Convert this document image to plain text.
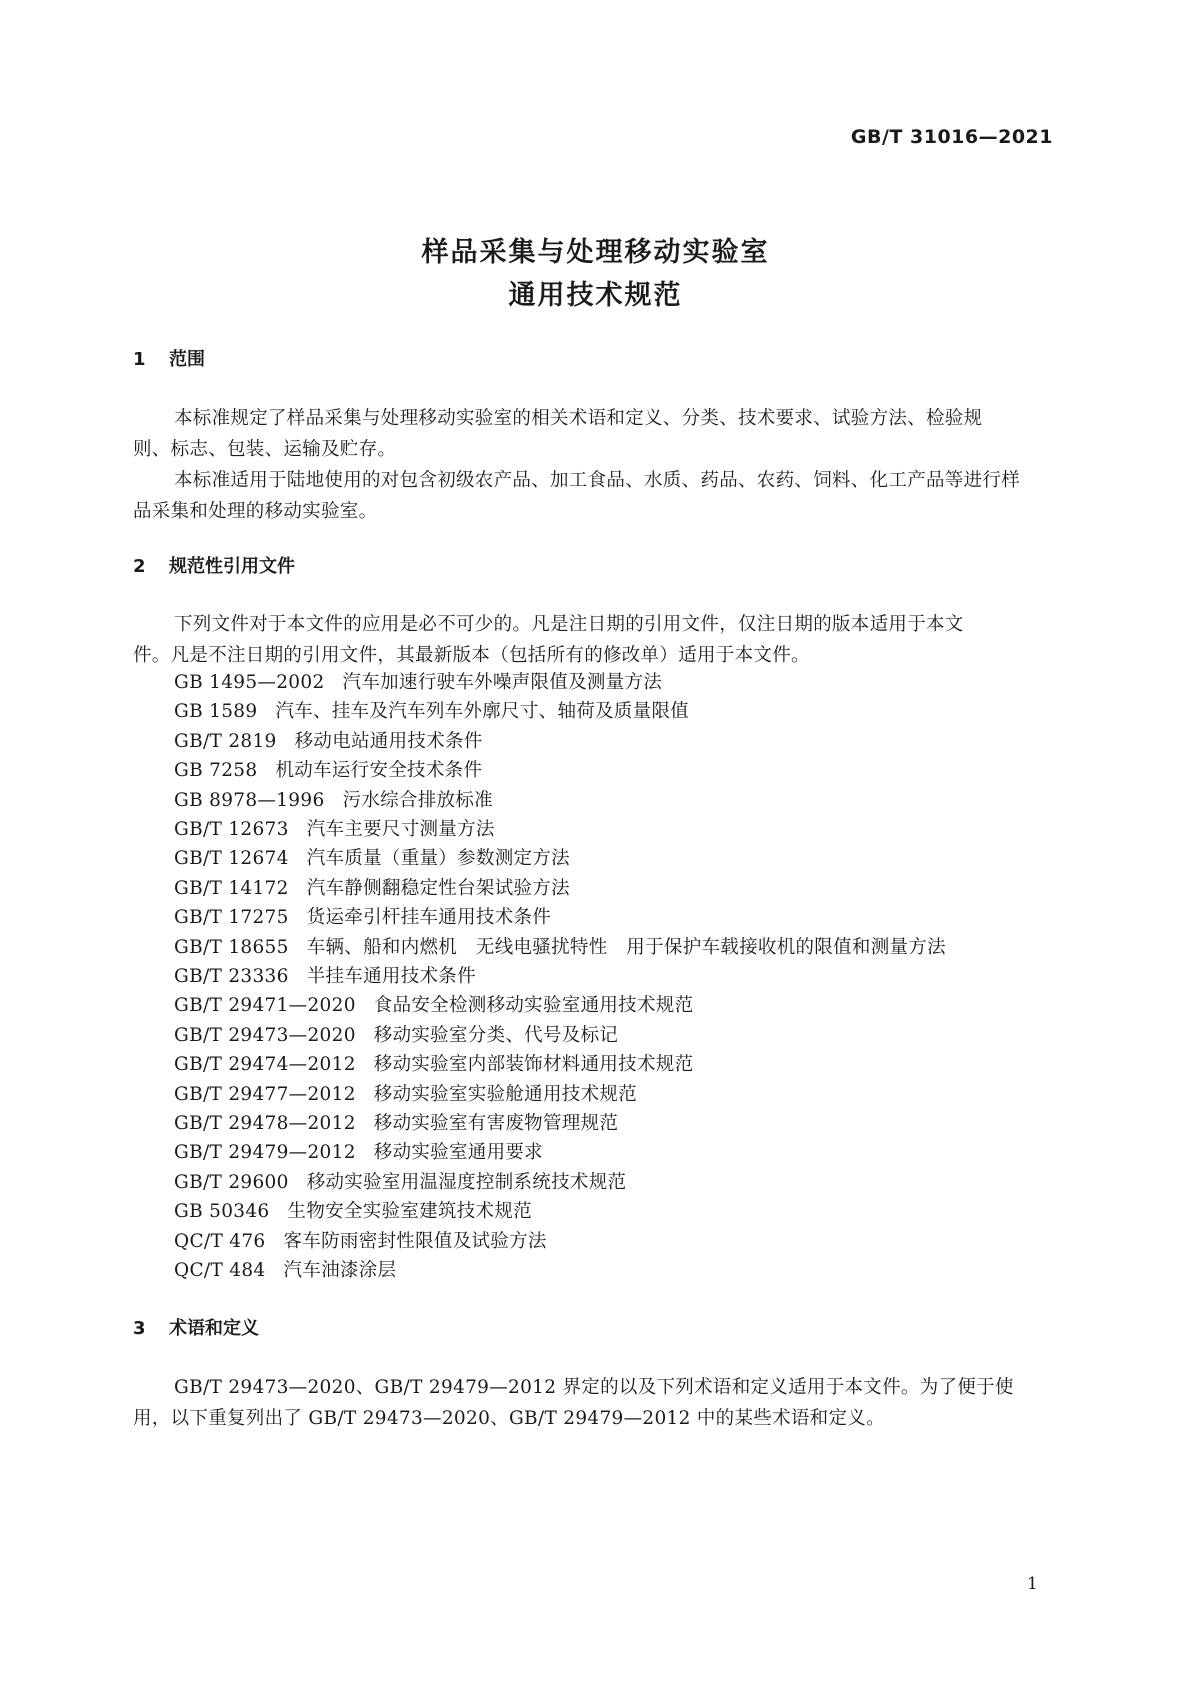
GB/T 31016—2021
样品采集与处理移动实验室
通用技术规范
1 范围
本标准规定了样品采集与处理移动实验室的相关术语和定义、分类、技术要求、试验方法、检验规
则、标志、包装、运输及贮存。
本标准适用于陆地使用的对包含初级农产品、加工食品、水质、药品、农药、饲料、化工产品等进行样
品采集和处理的移动实验室。
2 规范性引用文件
下列文件对于本文件的应用是必不可少的。凡是注日期的引用文件，仅注日期的版本适用于本文
件。凡是不注日期的引用文件，其最新版本（包括所有的修改单）适用于本文件。
GB 1495—2002 汽车加速行驶车外噪声限值及测量方法
GB 1589 汽车、挂车及汽车列车外廓尺寸、轴荷及质量限值
GB/T 2819 移动电站通用技术条件
GB 7258 机动车运行安全技术条件
GB 8978—1996 污水综合排放标准
GB/T 12673 汽车主要尺寸测量方法
GB/T 12674 汽车质量（重量）参数测定方法
GB/T 14172 汽车静侧翻稳定性台架试验方法
GB/T 17275 货运牵引杆挂车通用技术条件
GB/T 18655 车辆、船和内燃机　无线电骚扰特性　用于保护车载接收机的限值和测量方法
GB/T 23336 半挂车通用技术条件
GB/T 29471—2020 食品安全检测移动实验室通用技术规范
GB/T 29473—2020 移动实验室分类、代号及标记
GB/T 29474—2012 移动实验室内部装饰材料通用技术规范
GB/T 29477—2012 移动实验室实验舱通用技术规范
GB/T 29478—2012 移动实验室有害废物管理规范
GB/T 29479—2012 移动实验室通用要求
GB/T 29600 移动实验室用温湿度控制系统技术规范
GB 50346 生物安全实验室建筑技术规范
QC/T 476 客车防雨密封性限值及试验方法
QC/T 484 汽车油漆涂层
3 术语和定义
GB/T 29473—2020、GB/T 29479—2012 界定的以及下列术语和定义适用于本文件。为了便于使
用，以下重复列出了 GB/T 29473—2020、GB/T 29479—2012 中的某些术语和定义。
1
